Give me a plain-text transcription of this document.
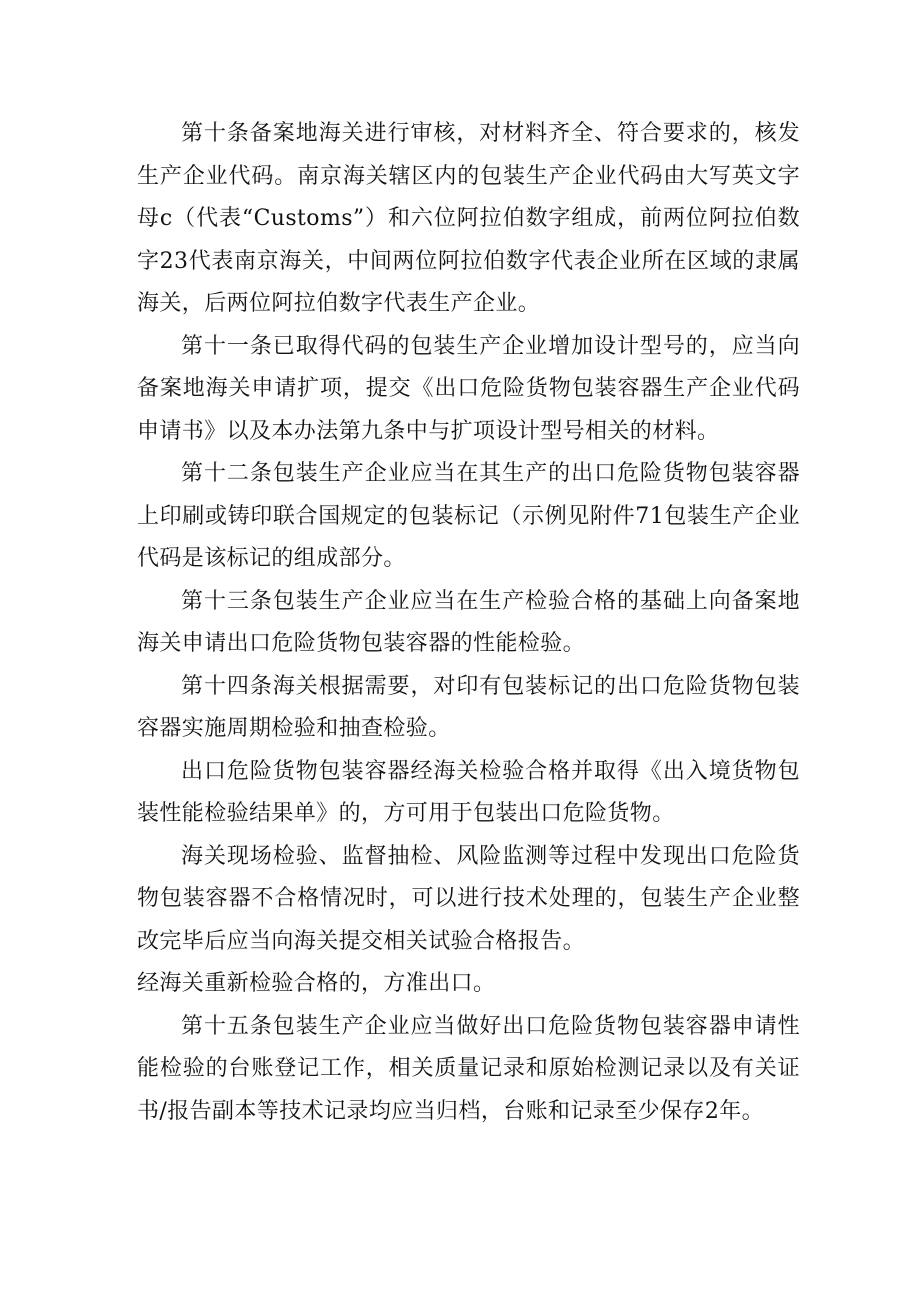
第十条备案地海关进行审核，对材料齐全、符合要求的，核发生产企业代码。南京海关辖区内的包装生产企业代码由大写英文字母c（代表“Customs”）和六位阿拉伯数字组成，前两位阿拉伯数字23代表南京海关，中间两位阿拉伯数字代表企业所在区域的隶属海关，后两位阿拉伯数字代表生产企业。

第十一条已取得代码的包装生产企业增加设计型号的，应当向备案地海关申请扩项，提交《出口危险货物包装容器生产企业代码申请书》以及本办法第九条中与扩项设计型号相关的材料。

第十二条包装生产企业应当在其生产的出口危险货物包装容器上印刷或铸印联合国规定的包装标记（示例见附件71包装生产企业代码是该标记的组成部分。

第十三条包装生产企业应当在生产检验合格的基础上向备案地海关申请出口危险货物包装容器的性能检验。

第十四条海关根据需要，对印有包装标记的出口危险货物包装容器实施周期检验和抽查检验。

出口危险货物包装容器经海关检验合格并取得《出入境货物包装性能检验结果单》的，方可用于包装出口危险货物。

海关现场检验、监督抽检、风险监测等过程中发现出口危险货物包装容器不合格情况时，可以进行技术处理的，包装生产企业整改完毕后应当向海关提交相关试验合格报告。

经海关重新检验合格的，方准出口。

第十五条包装生产企业应当做好出口危险货物包装容器申请性能检验的台账登记工作，相关质量记录和原始检测记录以及有关证书/报告副本等技术记录均应当归档，台账和记录至少保存2年。
